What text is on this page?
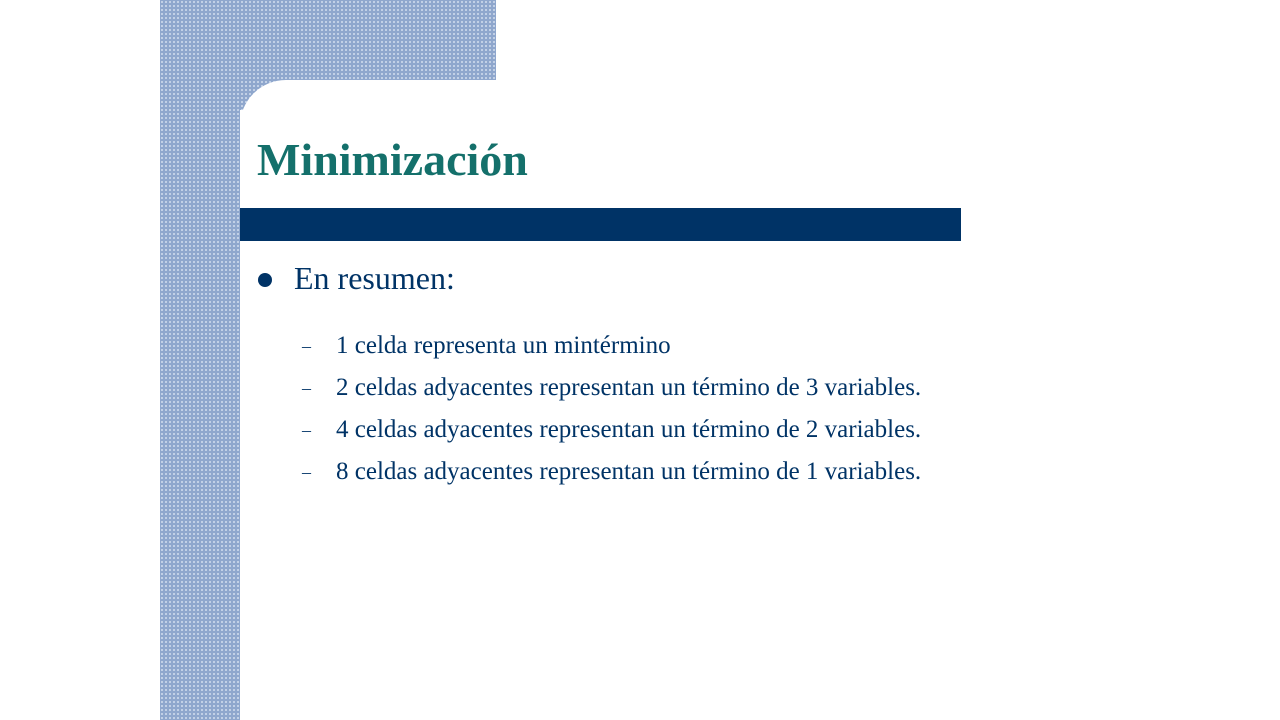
Minimización
En resumen:
– 1 celda representa un mintérmino
– 2 celdas adyacentes representan un término de 3 variables.
– 4 celdas adyacentes representan un término de 2 variables.
– 8 celdas adyacentes representan un término de 1 variables.
